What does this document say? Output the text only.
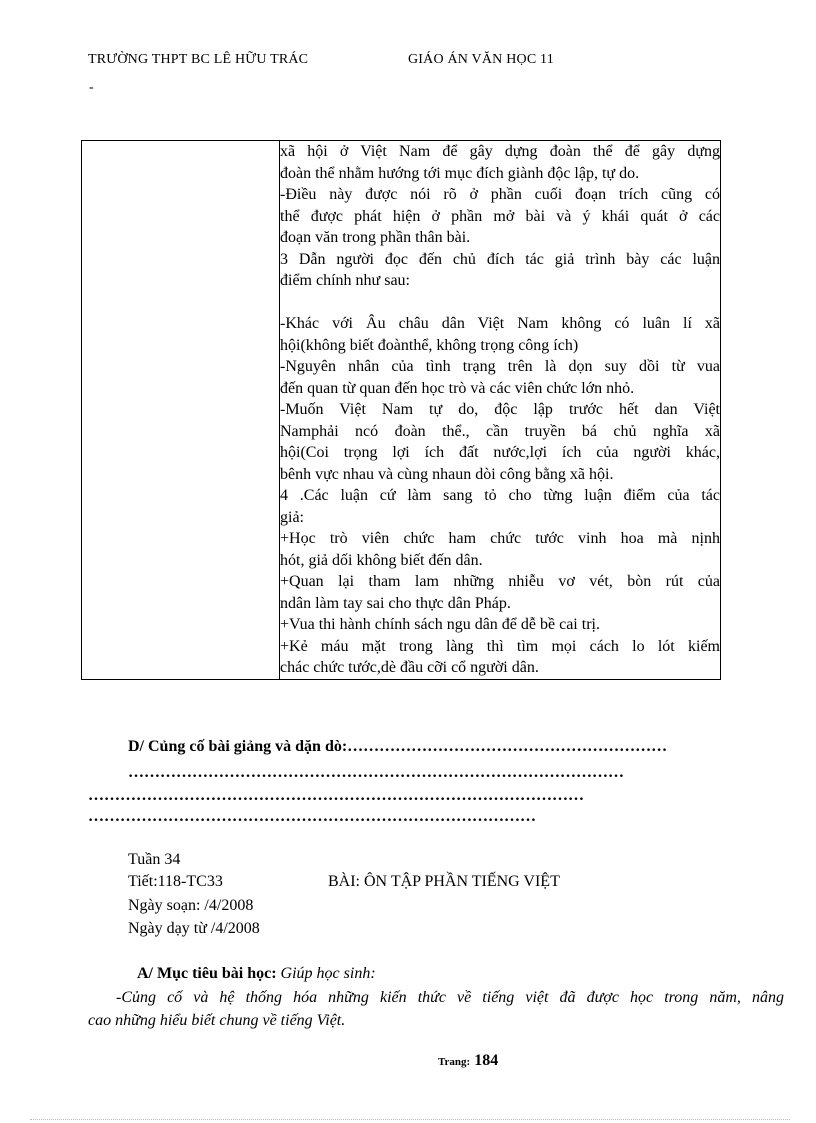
TRƯỜNG THPT BC LÊ HỮU TRÁC	GIÁO ÁN VĂN HỌC 11
-

xã hội ở Việt Nam để gây dựng đoàn thể để gây dựng
đoàn thể nhằm hướng tới mục đích giành độc lập, tự do.
-Điều này được nói rõ ở phần cuối đoạn trích cũng có
thể được phát hiện ở phần mở bài và ý khái quát ở các
đoạn văn trong phần thân bài.
3 Dẫn người đọc đến chủ đích tác giả trình bày các luận
điểm chính như sau:
-Khác với Âu châu dân Việt Nam không có luân lí xã
hội(không biết đoànthể, không trọng công ích)
-Nguyên nhân của tình trạng trên là dọn suy dồi từ vua
đến quan từ quan đến học trò và các viên chức lớn nhỏ.
-Muốn Việt Nam tự do, độc lập trước hết dan Việt
Namphải ncó đoàn thể., cần truyền bá chủ nghĩa xã
hội(Coi trọng lợi ích đất nước,lợi ích của người khác,
bênh vực nhau và cùng nhaun dòi công bằng xã hội.
4 .Các luận cứ làm sang tỏ cho từng luận điểm của tác
giả:
+Học trò viên chức ham chức tước vinh hoa mà nịnh
hót, giả dối không biết đến dân.
+Quan lại tham lam những nhiễu vơ vét, bòn rút của
ndân làm tay sai cho thực dân Pháp.
+Vua thi hành chính sách ngu dân để dễ bề cai trị.
+Kẻ máu mặt trong làng thì tìm mọi cách lo lót kiếm
chác chức tước,dè đầu cỡi cổ người dân.
D/ Củng cố bài giảng và dặn dò:……………………………………………………
…………………………………………………………………………………
…………………………………………………………………………………
…………………………………………………………………………
Tuần 34
Tiết:118-TC33	BÀI: ÔN TẬP PHẦN TIẾNG VIỆT
Ngày soạn: /4/2008
Ngày dạy từ /4/2008
A/ Mục tiêu bài học: Giúp học sinh:
-Củng cố và hệ thống hóa những kiến thức về tiếng việt đã được học trong năm, nâng
cao những hiểu biết chung về tiếng Việt.
Trang: 184
